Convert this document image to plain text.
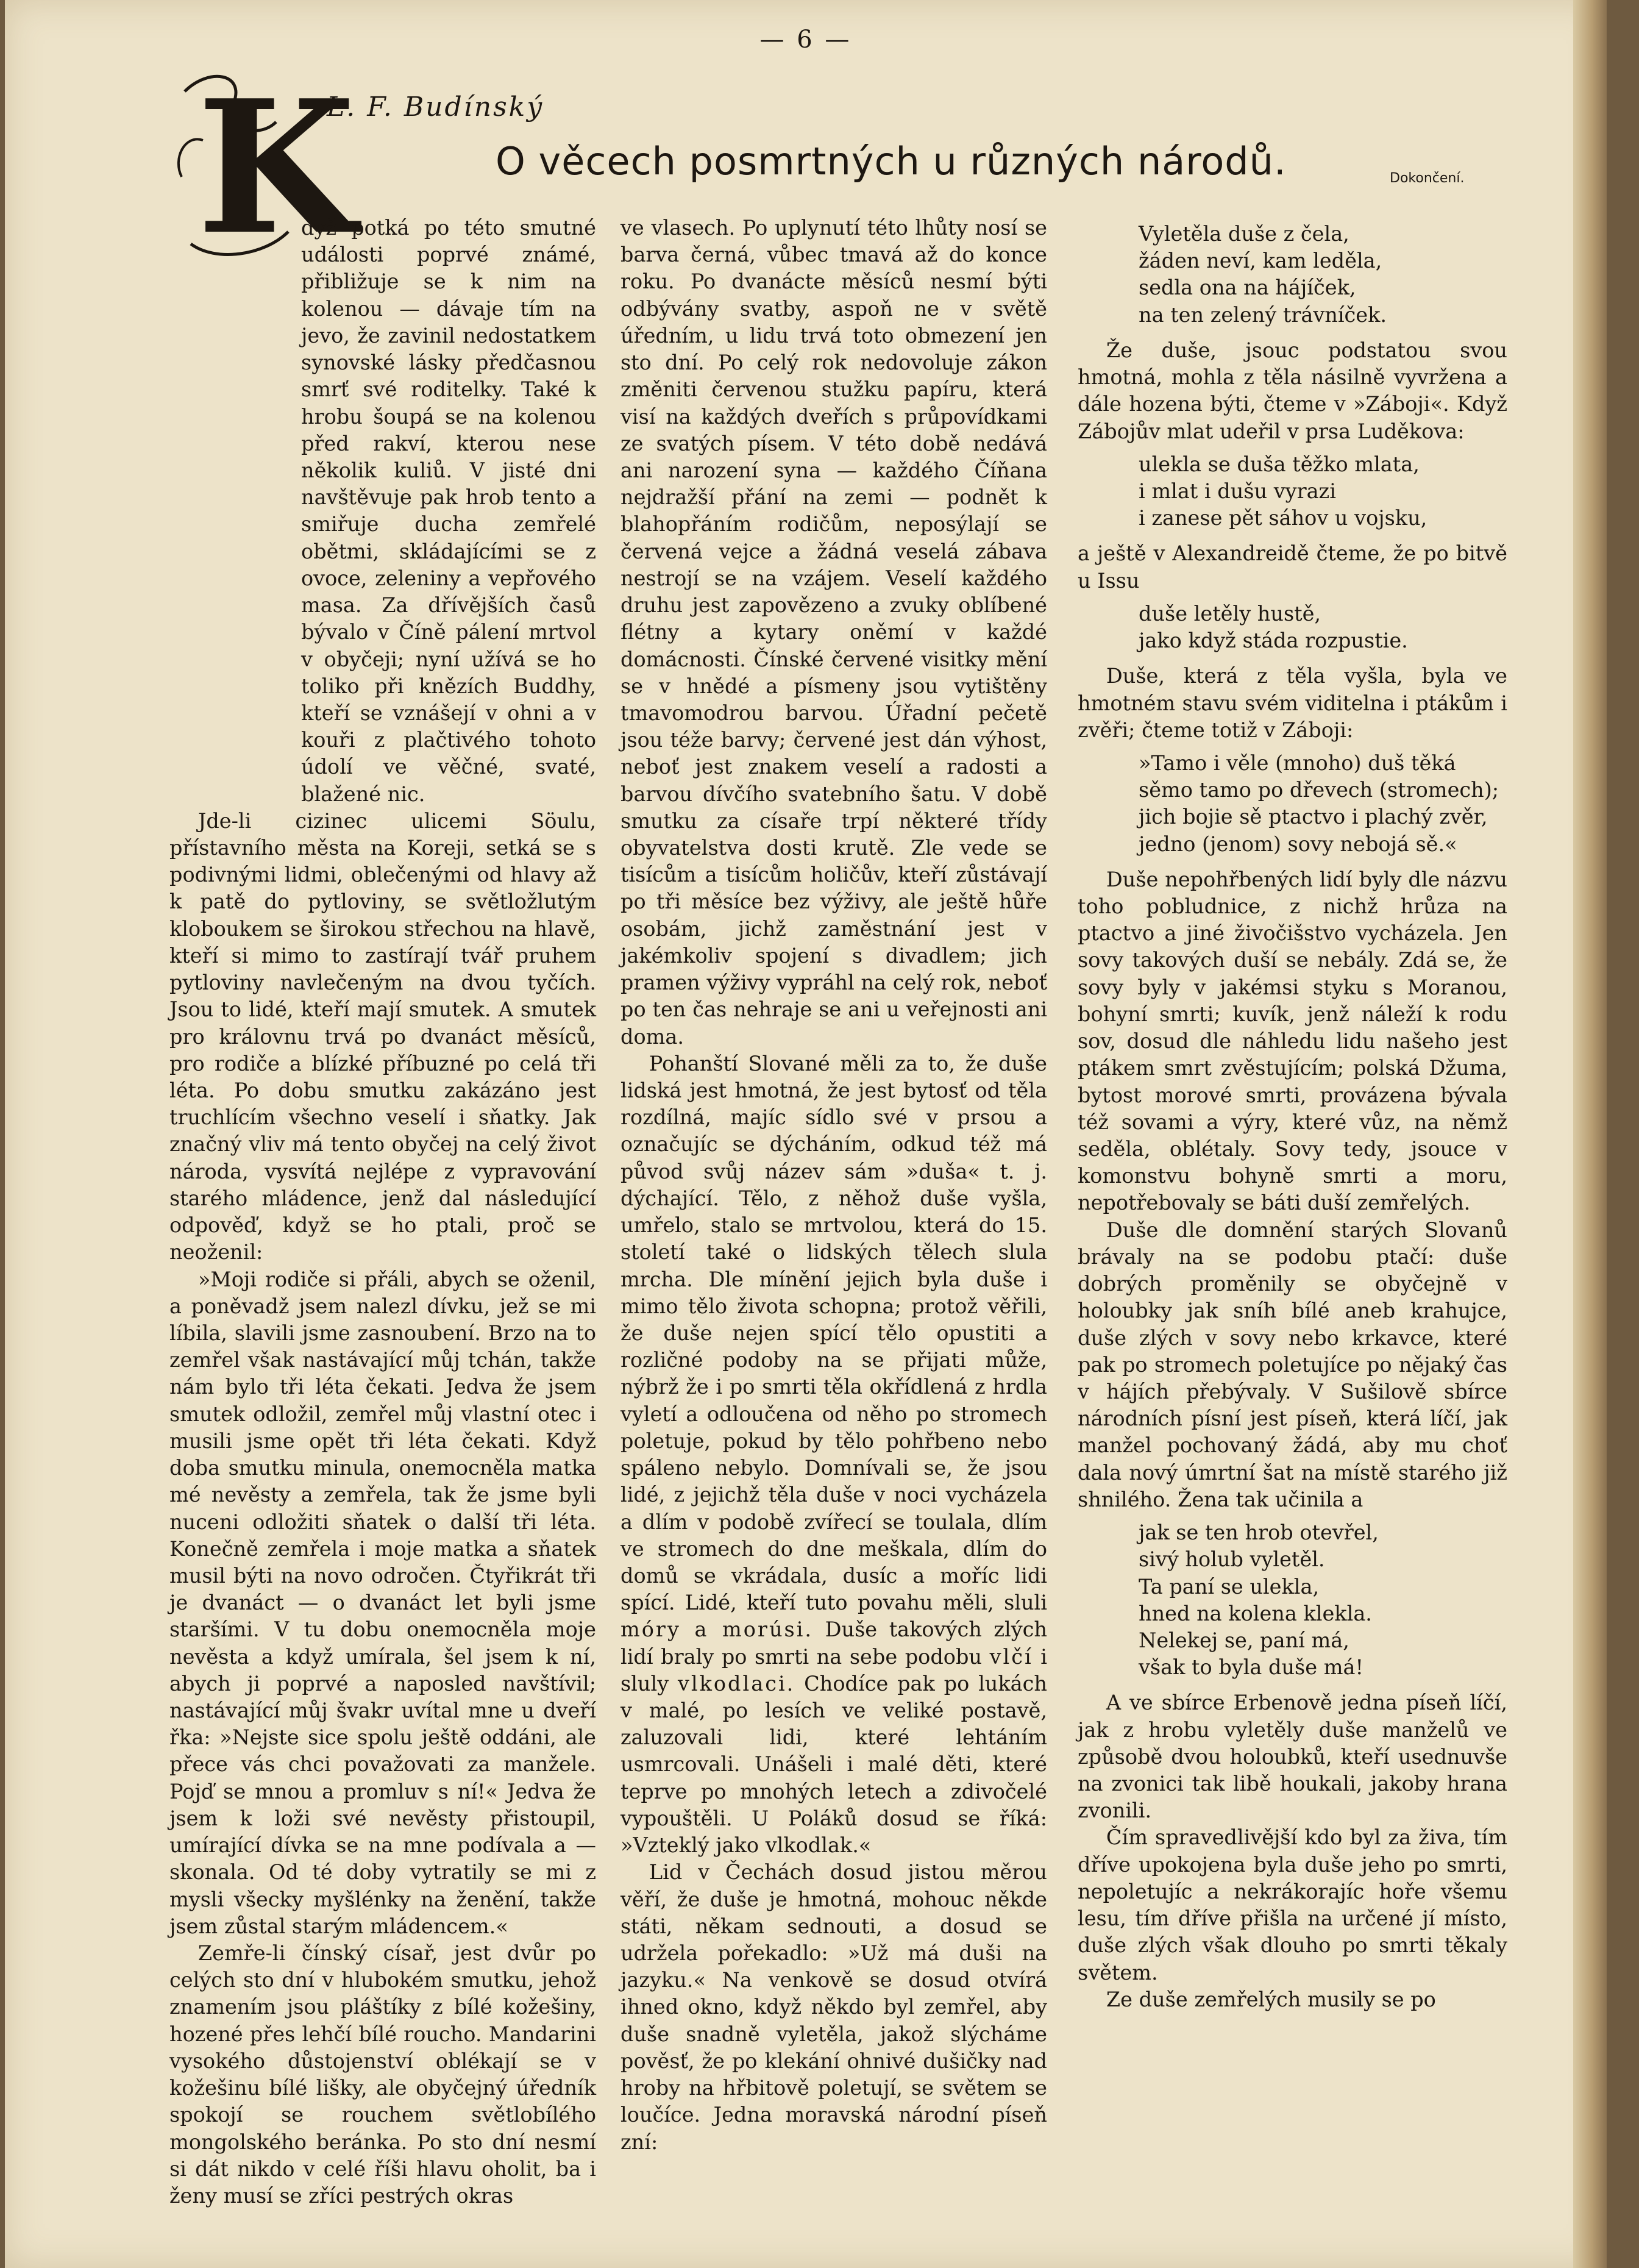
— 6 —
L. F. Budínský
O věcech posmrtných u různých národů.	Dokončení.
K

dyž potká po této smutné události poprvé známé, přibližuje se k nim na kolenou — dávaje tím na jevo, že zavinil nedostatkem synovské lásky předčasnou smrť své roditelky. Také k hrobu šoupá se na kolenou před rakví, kterou nese několik kuliů. V jisté dni navštěvuje pak hrob tento a smiřuje ducha zemřelé obětmi, skládajícími se z ovoce, zeleniny a vepřového masa. Za dřívějších časů bývalo v Číně pálení mrtvol v obyčeji; nyní užívá se ho toliko při knězích Buddhy, kteří se vznášejí v ohni a v kouři z plačtivého tohoto údolí ve věčné, svaté, blažené nic.

Jde-li cizinec ulicemi Söulu, přístavního města na Koreji, setká se s podivnými lidmi, oblečenými od hlavy až k patě do pytloviny, se světložlutým kloboukem se širokou střechou na hlavě, kteří si mimo to zastírají tvář pruhem pytloviny navlečeným na dvou tyčích. Jsou to lidé, kteří mají smutek. A smutek pro královnu trvá po dvanáct měsíců, pro rodiče a blízké příbuzné po celá tři léta. Po dobu smutku zakázáno jest truchlícím všechno veselí i sňatky. Jak značný vliv má tento obyčej na celý život národa, vysvítá nejlépe z vypravování starého mládence, jenž dal následující odpověď, když se ho ptali, proč se neoženil:

»Moji rodiče si přáli, abych se oženil, a poněvadž jsem nalezl dívku, jež se mi líbila, slavili jsme zasnoubení. Brzo na to zemřel však nastávající můj tchán, takže nám bylo tři léta čekati. Jedva že jsem smutek odložil, zemřel můj vlastní otec i musili jsme opět tři léta čekati. Když doba smutku minula, onemocněla matka mé nevěsty a zemřela, tak že jsme byli nuceni odložiti sňatek o další tři léta. Konečně zemřela i moje matka a sňatek musil býti na novo odročen. Čtyřikrát tři je dvanáct — o dvanáct let byli jsme staršími. V tu dobu onemocněla moje nevěsta a když umírala, šel jsem k ní, abych ji poprvé a naposled navštívil; nastávající můj švakr uvítal mne u dveří řka: »Nejste sice spolu ještě oddáni, ale přece vás chci považovati za manžele. Pojď se mnou a promluv s ní!« Jedva že jsem k loži své nevěsty přistoupil, umírající dívka se na mne podívala a — skonala. Od té doby vytratily se mi z mysli všecky myšlénky na ženění, takže jsem zůstal starým mládencem.«

Zemře-li čínský císař, jest dvůr po celých sto dní v hlubokém smutku, jehož znamením jsou pláštíky z bílé kožešiny, hozené přes lehčí bílé roucho. Mandarini vysokého důstojenství oblékají se v kožešinu bílé lišky, ale obyčejný úředník spokojí se rouchem světlobílého mongolského beránka. Po sto dní nesmí si dát nikdo v celé říši hlavu oholit, ba i ženy musí se zříci pestrých okras

ve vlasech. Po uplynutí této lhůty nosí se barva černá, vůbec tmavá až do konce roku. Po dvanácte měsíců nesmí býti odbývány svatby, aspoň ne v světě úředním, u lidu trvá toto obmezení jen sto dní. Po celý rok nedovoluje zákon změniti červenou stužku papíru, která visí na každých dveřích s průpovídkami ze svatých písem. V této době nedává ani narození syna — každého Číňana nejdražší přání na zemi — podnět k blahopřáním rodičům, neposýlají se červená vejce a žádná veselá zábava nestrojí se na vzájem. Veselí každého druhu jest zapovězeno a zvuky oblíbené flétny a kytary oněmí v každé domácnosti. Čínské červené visitky mění se v hnědé a písmeny jsou vytištěny tmavomodrou barvou. Úřadní pečetě jsou téže barvy; červené jest dán výhost, neboť jest znakem veselí a radosti a barvou dívčího svatebního šatu. V době smutku za císaře trpí některé třídy obyvatelstva dosti krutě. Zle vede se tisícům a tisícům holičův, kteří zůstávají po tři měsíce bez výživy, ale ještě hůře osobám, jichž zaměstnání jest v jakémkoliv spojení s divadlem; jich pramen výživy vypráhl na celý rok, neboť po ten čas nehraje se ani u veřejnosti ani doma.

Pohanští Slované měli za to, že duše lidská jest hmotná, že jest bytosť od těla rozdílná, majíc sídlo své v prsou a označujíc se dýcháním, odkud též má původ svůj název sám »duša« t. j. dýchající. Tělo, z něhož duše vyšla, umřelo, stalo se mrtvolou, která do 15. století také o lidských tělech slula mrcha. Dle mínění jejich byla duše i mimo tělo života schopna; protož věřili, že duše nejen spící tělo opustiti a rozličné podoby na se přijati může, nýbrž že i po smrti těla okřídlená z hrdla vyletí a odloučena od něho po stromech poletuje, pokud by tělo pohřbeno nebo spáleno nebylo. Domnívali se, že jsou lidé, z jejichž těla duše v noci vycházela a dlím v podobě zvířecí se toulala, dlím ve stromech do dne meškala, dlím do domů se vkrádala, dusíc a moříc lidi spící. Lidé, kteří tuto povahu měli, sluli móry a morúsi. Duše takových zlých lidí braly po smrti na sebe podobu vlčí i sluly vlkodlaci. Chodíce pak po lukách v malé, po lesích ve veliké postavě, zaluzovali lidi, které lehtáním usmrcovali. Unášeli i malé děti, které teprve po mnohých letech a zdivočelé vypouštěli. U Poláků dosud se říká: »Vzteklý jako vlkodlak.«

Lid v Čechách dosud jistou měrou věří, že duše je hmotná, mohouc někde státi, někam sednouti, a dosud se udržela pořekadlo: »Už má duši na jazyku.« Na venkově se dosud otvírá ihned okno, když někdo byl zemřel, aby duše snadně vyletěla, jakož slýcháme pověsť, že po klekání ohnivé dušičky nad hroby na hřbitově poletují, se světem se loučíce. Jedna moravská národní píseň zní:

Vyletěla duše z čela,
žáden neví, kam leděla,
sedla ona na hájíček,
na ten zelený trávníček.

Že duše, jsouc podstatou svou hmotná, mohla z těla násilně vyvržena a dále hozena býti, čteme v »Záboji«. Když Zábojův mlat udeřil v prsa Luděkova:

ulekla se duša těžko mlata,
i mlat i dušu vyrazi
i zanese pět sáhov u vojsku,

a ještě v Alexandreidě čteme, že po bitvě u Issu

duše letěly hustě,
jako když stáda rozpustie.

Duše, která z těla vyšla, byla ve hmotném stavu svém viditelna i ptákům i zvěři; čteme totiž v Záboji:

»Tamo i věle (mnoho) duš těká
sěmo tamo po dřevech (stromech);
jich bojie sě ptactvo i plachý zvěr,
jedno (jenom) sovy nebojá sě.«

Duše nepohřbených lidí byly dle názvu toho pobludnice, z nichž hrůza na ptactvo a jiné živočišstvo vycházela. Jen sovy takových duší se nebály. Zdá se, že sovy byly v jakémsi styku s Moranou, bohyní smrti; kuvík, jenž náleží k rodu sov, dosud dle náhledu lidu našeho jest ptákem smrt zvěstujícím; polská Džuma, bytost morové smrti, provázena bývala též sovami a výry, které vůz, na němž seděla, oblétaly. Sovy tedy, jsouce v komonstvu bohyně smrti a moru, nepotřebovaly se báti duší zemřelých.

Duše dle domnění starých Slovanů brávaly na se podobu ptačí: duše dobrých proměnily se obyčejně v holoubky jak sníh bílé aneb krahujce, duše zlých v sovy nebo krkavce, které pak po stromech poletujíce po nějaký čas v hájích přebývaly. V Sušilově sbírce národních písní jest píseň, která líčí, jak manžel pochovaný žádá, aby mu choť dala nový úmrtní šat na místě starého již shnilého. Žena tak učinila a

jak se ten hrob otevřel,
sivý holub vyletěl.
Ta paní se ulekla,
hned na kolena klekla.
Nelekej se, paní má,
však to byla duše má!

A ve sbírce Erbenově jedna píseň líčí, jak z hrobu vyletěly duše manželů ve způsobě dvou holoubků, kteří usednuvše na zvonici tak libě houkali, jakoby hrana zvonili.

Čím spravedlivější kdo byl za živa, tím dříve upokojena byla duše jeho po smrti, nepoletujíc a nekrákorajíc hoře všemu lesu, tím dříve přišla na určené jí místo, duše zlých však dlouho po smrti těkaly světem.

Ze duše zemřelých musily se po
